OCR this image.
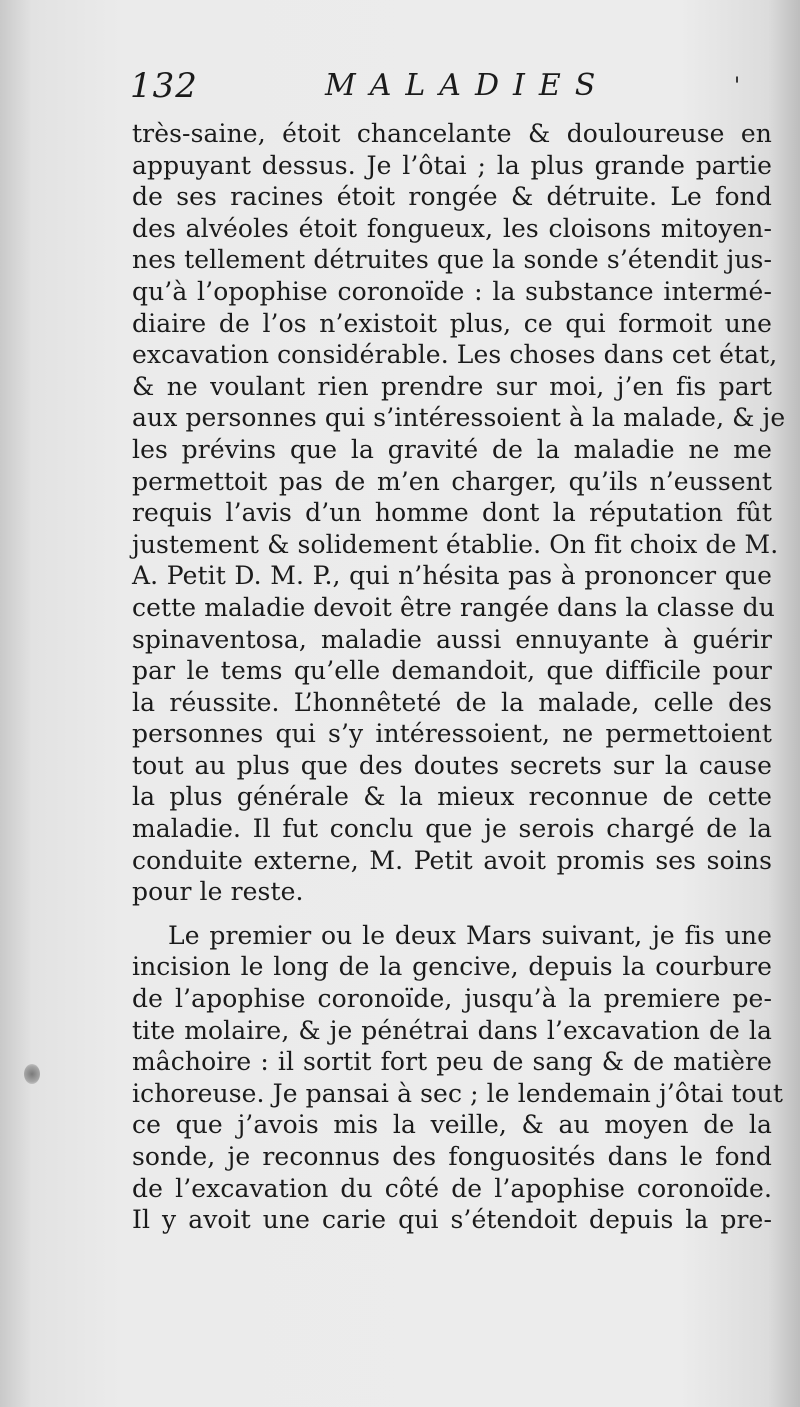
132	MALADIES	'
très-saine, étoit chancelante & douloureuse en
appuyant dessus. Je l’ôtai ; la plus grande partie
de ses racines étoit rongée & détruite. Le fond
des alvéoles étoit fongueux, les cloisons mitoyen-
nes tellement détruites que la sonde s’étendit jus-
qu’à l’opophise coronoïde : la substance intermé-
diaire de l’os n’existoit plus, ce qui formoit une
excavation considérable. Les choses dans cet état,
& ne voulant rien prendre sur moi, j’en fis part
aux personnes qui s’intéressoient à la malade, & je
les prévins que la gravité de la maladie ne me
permettoit pas de m’en charger, qu’ils n’eussent
requis l’avis d’un homme dont la réputation fût
justement & solidement établie. On fit choix de M.
A. Petit D. M. P., qui n’hésita pas à prononcer que
cette maladie devoit être rangée dans la classe du
spinaventosa, maladie aussi ennuyante à guérir
par le tems qu’elle demandoit, que difficile pour
la réussite. L’honnêteté de la malade, celle des
personnes qui s’y intéressoient, ne permettoient
tout au plus que des doutes secrets sur la cause
la plus générale & la mieux reconnue de cette
maladie. Il fut conclu que je serois chargé de la
conduite externe, M. Petit avoit promis ses soins
pour le reste.
Le premier ou le deux Mars suivant, je fis une
incision le long de la gencive, depuis la courbure
de l’apophise coronoïde, jusqu’à la premiere pe-
tite molaire, & je pénétrai dans l’excavation de la
mâchoire : il sortit fort peu de sang & de matière
ichoreuse. Je pansai à sec ; le lendemain j’ôtai tout
ce que j’avois mis la veille, & au moyen de la
sonde, je reconnus des fonguosités dans le fond
de l’excavation du côté de l’apophise coronoïde.
Il y avoit une carie qui s’étendoit depuis la pre-
